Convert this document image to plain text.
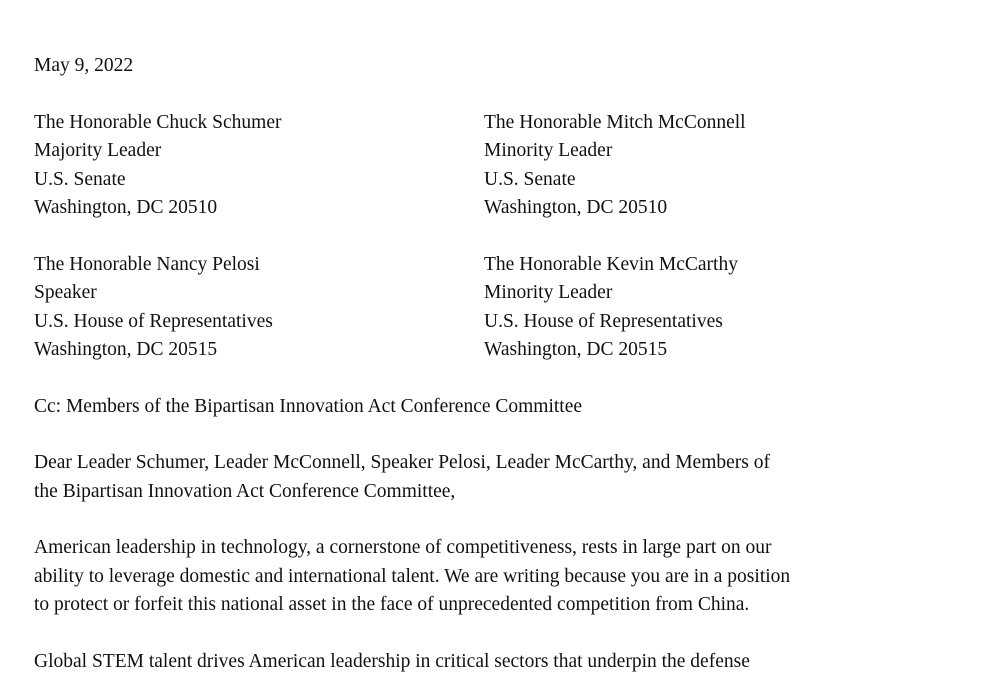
May 9, 2022

The Honorable Chuck Schumer
Majority Leader
U.S. Senate
Washington, DC 20510
The Honorable Mitch McConnell
Minority Leader
U.S. Senate
Washington, DC 20510
The Honorable Nancy Pelosi
Speaker
U.S. House of Representatives
Washington, DC 20515
The Honorable Kevin McCarthy
Minority Leader
U.S. House of Representatives
Washington, DC 20515

Cc: Members of the Bipartisan Innovation Act Conference Committee

Dear Leader Schumer, Leader McConnell, Speaker Pelosi, Leader McCarthy, and Members of
the Bipartisan Innovation Act Conference Committee,
American leadership in technology, a cornerstone of competitiveness, rests in large part on our
ability to leverage domestic and international talent. We are writing because you are in a position
to protect or forfeit this national asset in the face of unprecedented competition from China.
Global STEM talent drives American leadership in critical sectors that underpin the defense
